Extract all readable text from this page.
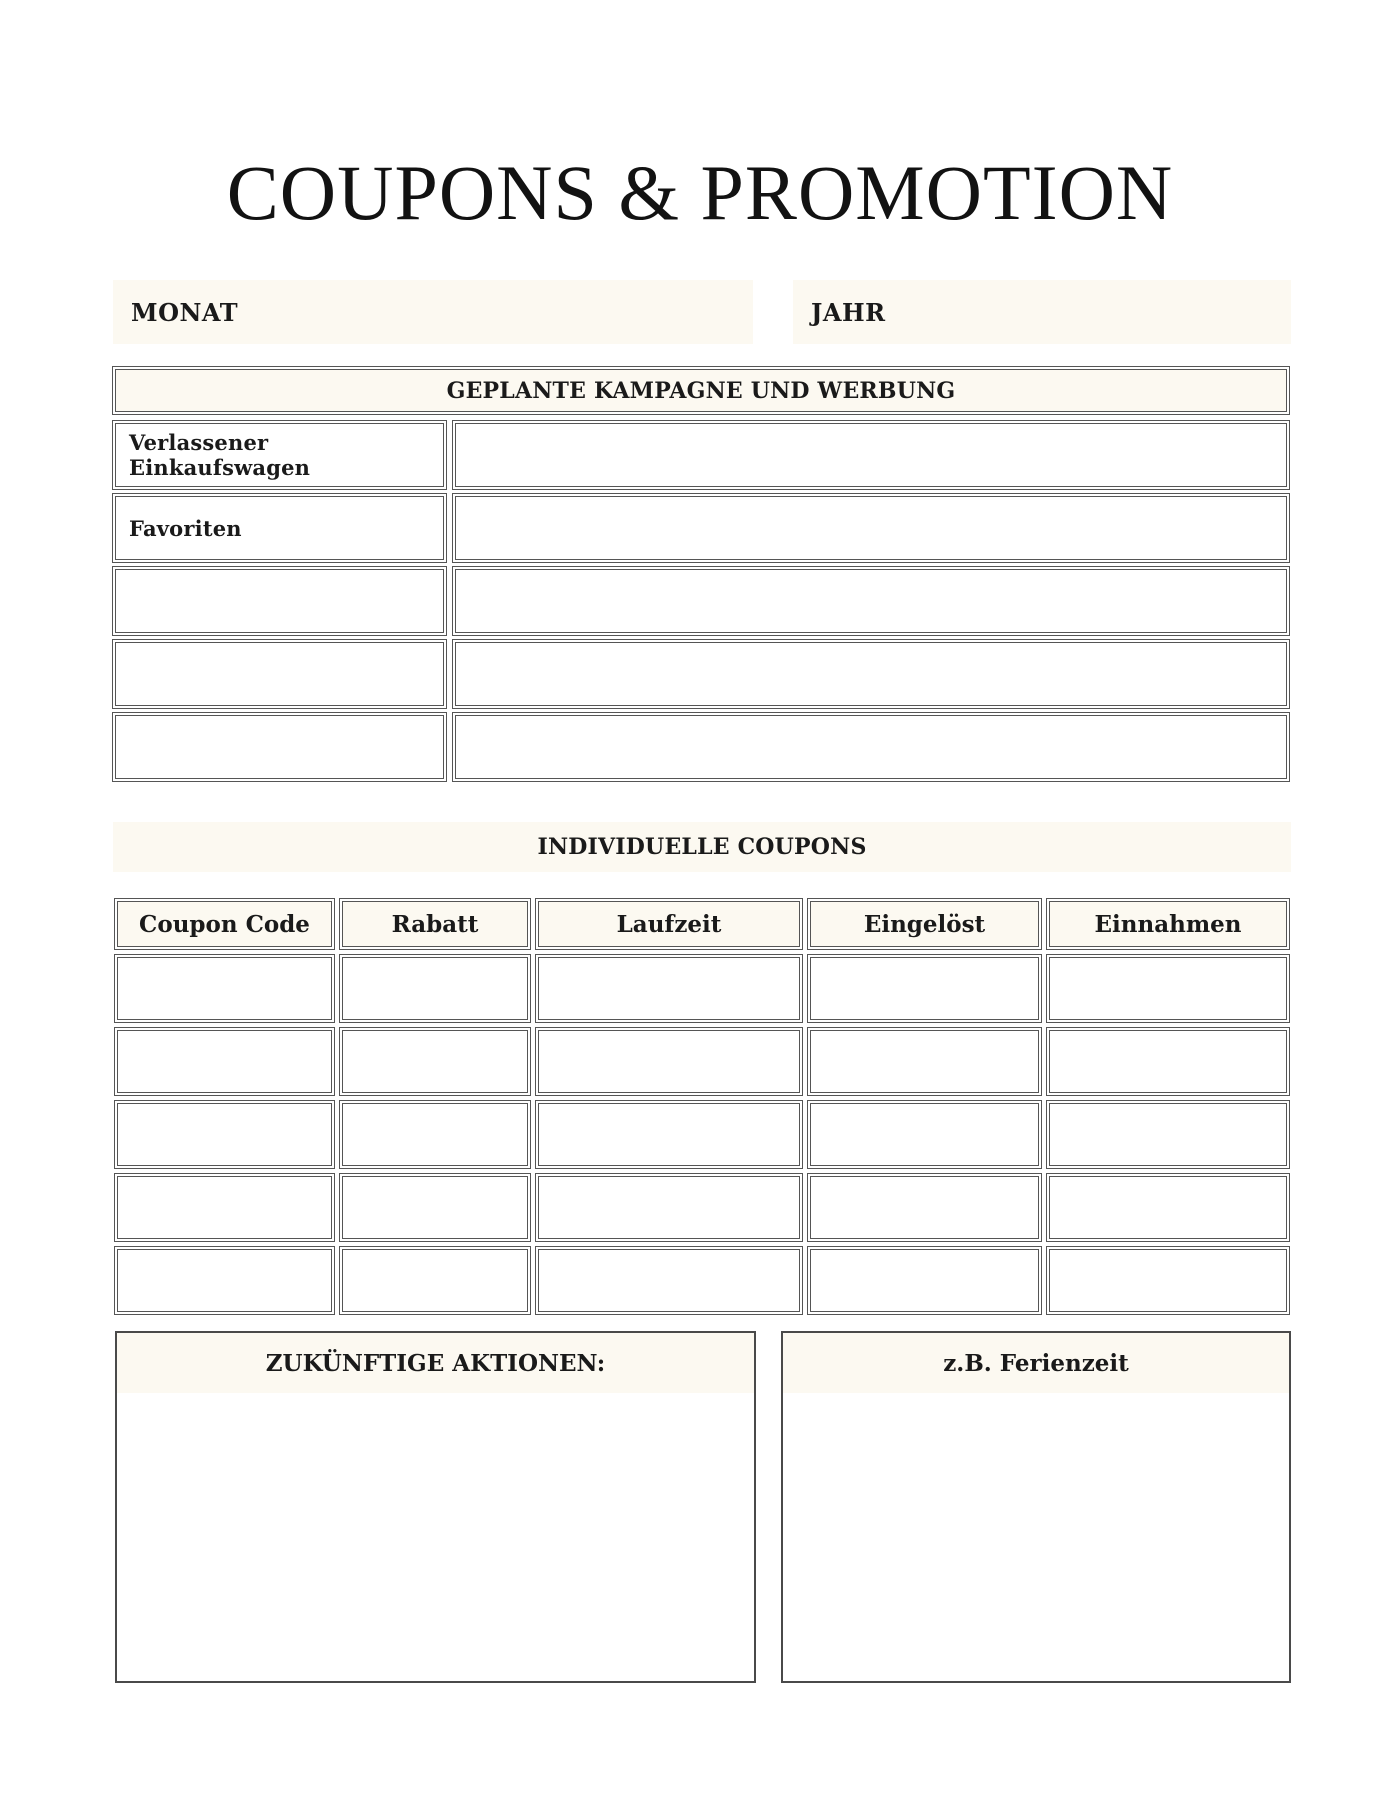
COUPONS & PROMOTION
MONAT	JAHR
GEPLANTE KAMPAGNE UND WERBUNG
Verlassener Einkaufswagen
Favoriten
INDIVIDUELLE COUPONS
Coupon Code	Rabatt	Laufzeit	Eingelöst	Einnahmen
ZUKÜNFTIGE AKTIONEN:	z.B. Ferienzeit
